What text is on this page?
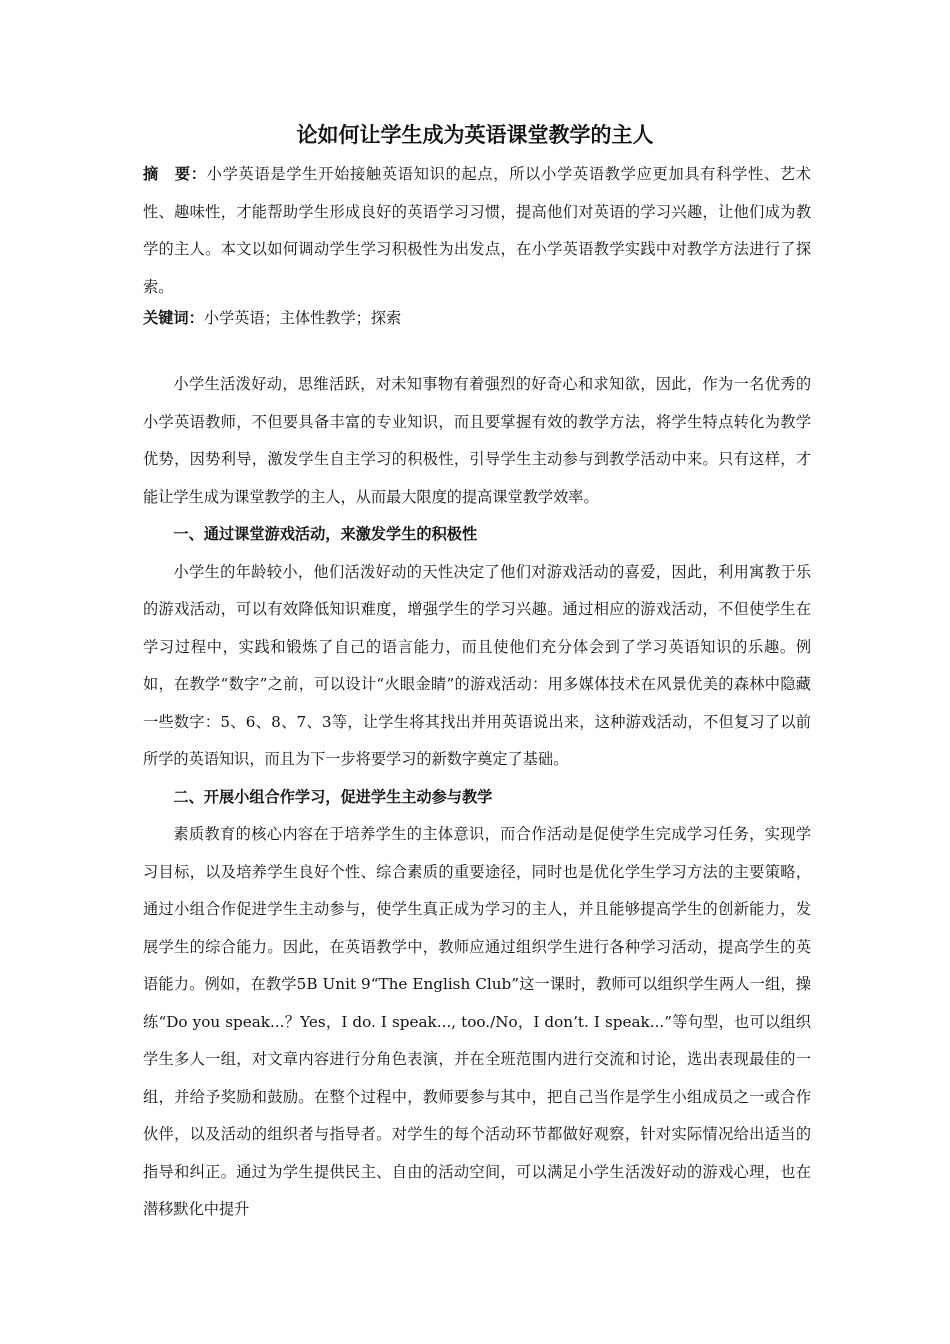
论如何让学生成为英语课堂教学的主人
摘　要：小学英语是学生开始接触英语知识的起点，所以小学英语教学应更加具有科学性、艺术性、趣味性，才能帮助学生形成良好的英语学习习惯，提高他们对英语的学习兴趣，让他们成为教学的主人。本文以如何调动学生学习积极性为出发点，在小学英语教学实践中对教学方法进行了探索。
关键词：小学英语；主体性教学；探索

小学生活泼好动，思维活跃，对未知事物有着强烈的好奇心和求知欲，因此，作为一名优秀的小学英语教师，不但要具备丰富的专业知识，而且要掌握有效的教学方法，将学生特点转化为教学优势，因势利导，激发学生自主学习的积极性，引导学生主动参与到教学活动中来。只有这样，才能让学生成为课堂教学的主人，从而最大限度的提高课堂教学效率。

一、通过课堂游戏活动，来激发学生的积极性

小学生的年龄较小，他们活泼好动的天性决定了他们对游戏活动的喜爱，因此，利用寓教于乐的游戏活动，可以有效降低知识难度，增强学生的学习兴趣。通过相应的游戏活动，不但使学生在学习过程中，实践和锻炼了自己的语言能力，而且使他们充分体会到了学习英语知识的乐趣。例如，在教学“数字”之前，可以设计“火眼金睛”的游戏活动：用多媒体技术在风景优美的森林中隐藏一些数字：5、6、8、7、3等，让学生将其找出并用英语说出来，这种游戏活动，不但复习了以前所学的英语知识，而且为下一步将要学习的新数字奠定了基础。

二、开展小组合作学习，促进学生主动参与教学

素质教育的核心内容在于培养学生的主体意识，而合作活动是促使学生完成学习任务，实现学习目标，以及培养学生良好个性、综合素质的重要途径，同时也是优化学生学习方法的主要策略，通过小组合作促进学生主动参与，使学生真正成为学习的主人，并且能够提高学生的创新能力，发展学生的综合能力。因此，在英语教学中，教师应通过组织学生进行各种学习活动，提高学生的英语能力。例如，在教学5B Unit 9“The English Club”这一课时，教师可以组织学生两人一组，操练“Do you speak...？Yes，I do. I speak..., too./No，I don’t. I speak...”等句型，也可以组织学生多人一组，对文章内容进行分角色表演，并在全班范围内进行交流和讨论，选出表现最佳的一组，并给予奖励和鼓励。在整个过程中，教师要参与其中，把自己当作是学生小组成员之一或合作伙伴，以及活动的组织者与指导者。对学生的每个活动环节都做好观察，针对实际情况给出适当的指导和纠正。通过为学生提供民主、自由的活动空间，可以满足小学生活泼好动的游戏心理，也在潜移默化中提升
